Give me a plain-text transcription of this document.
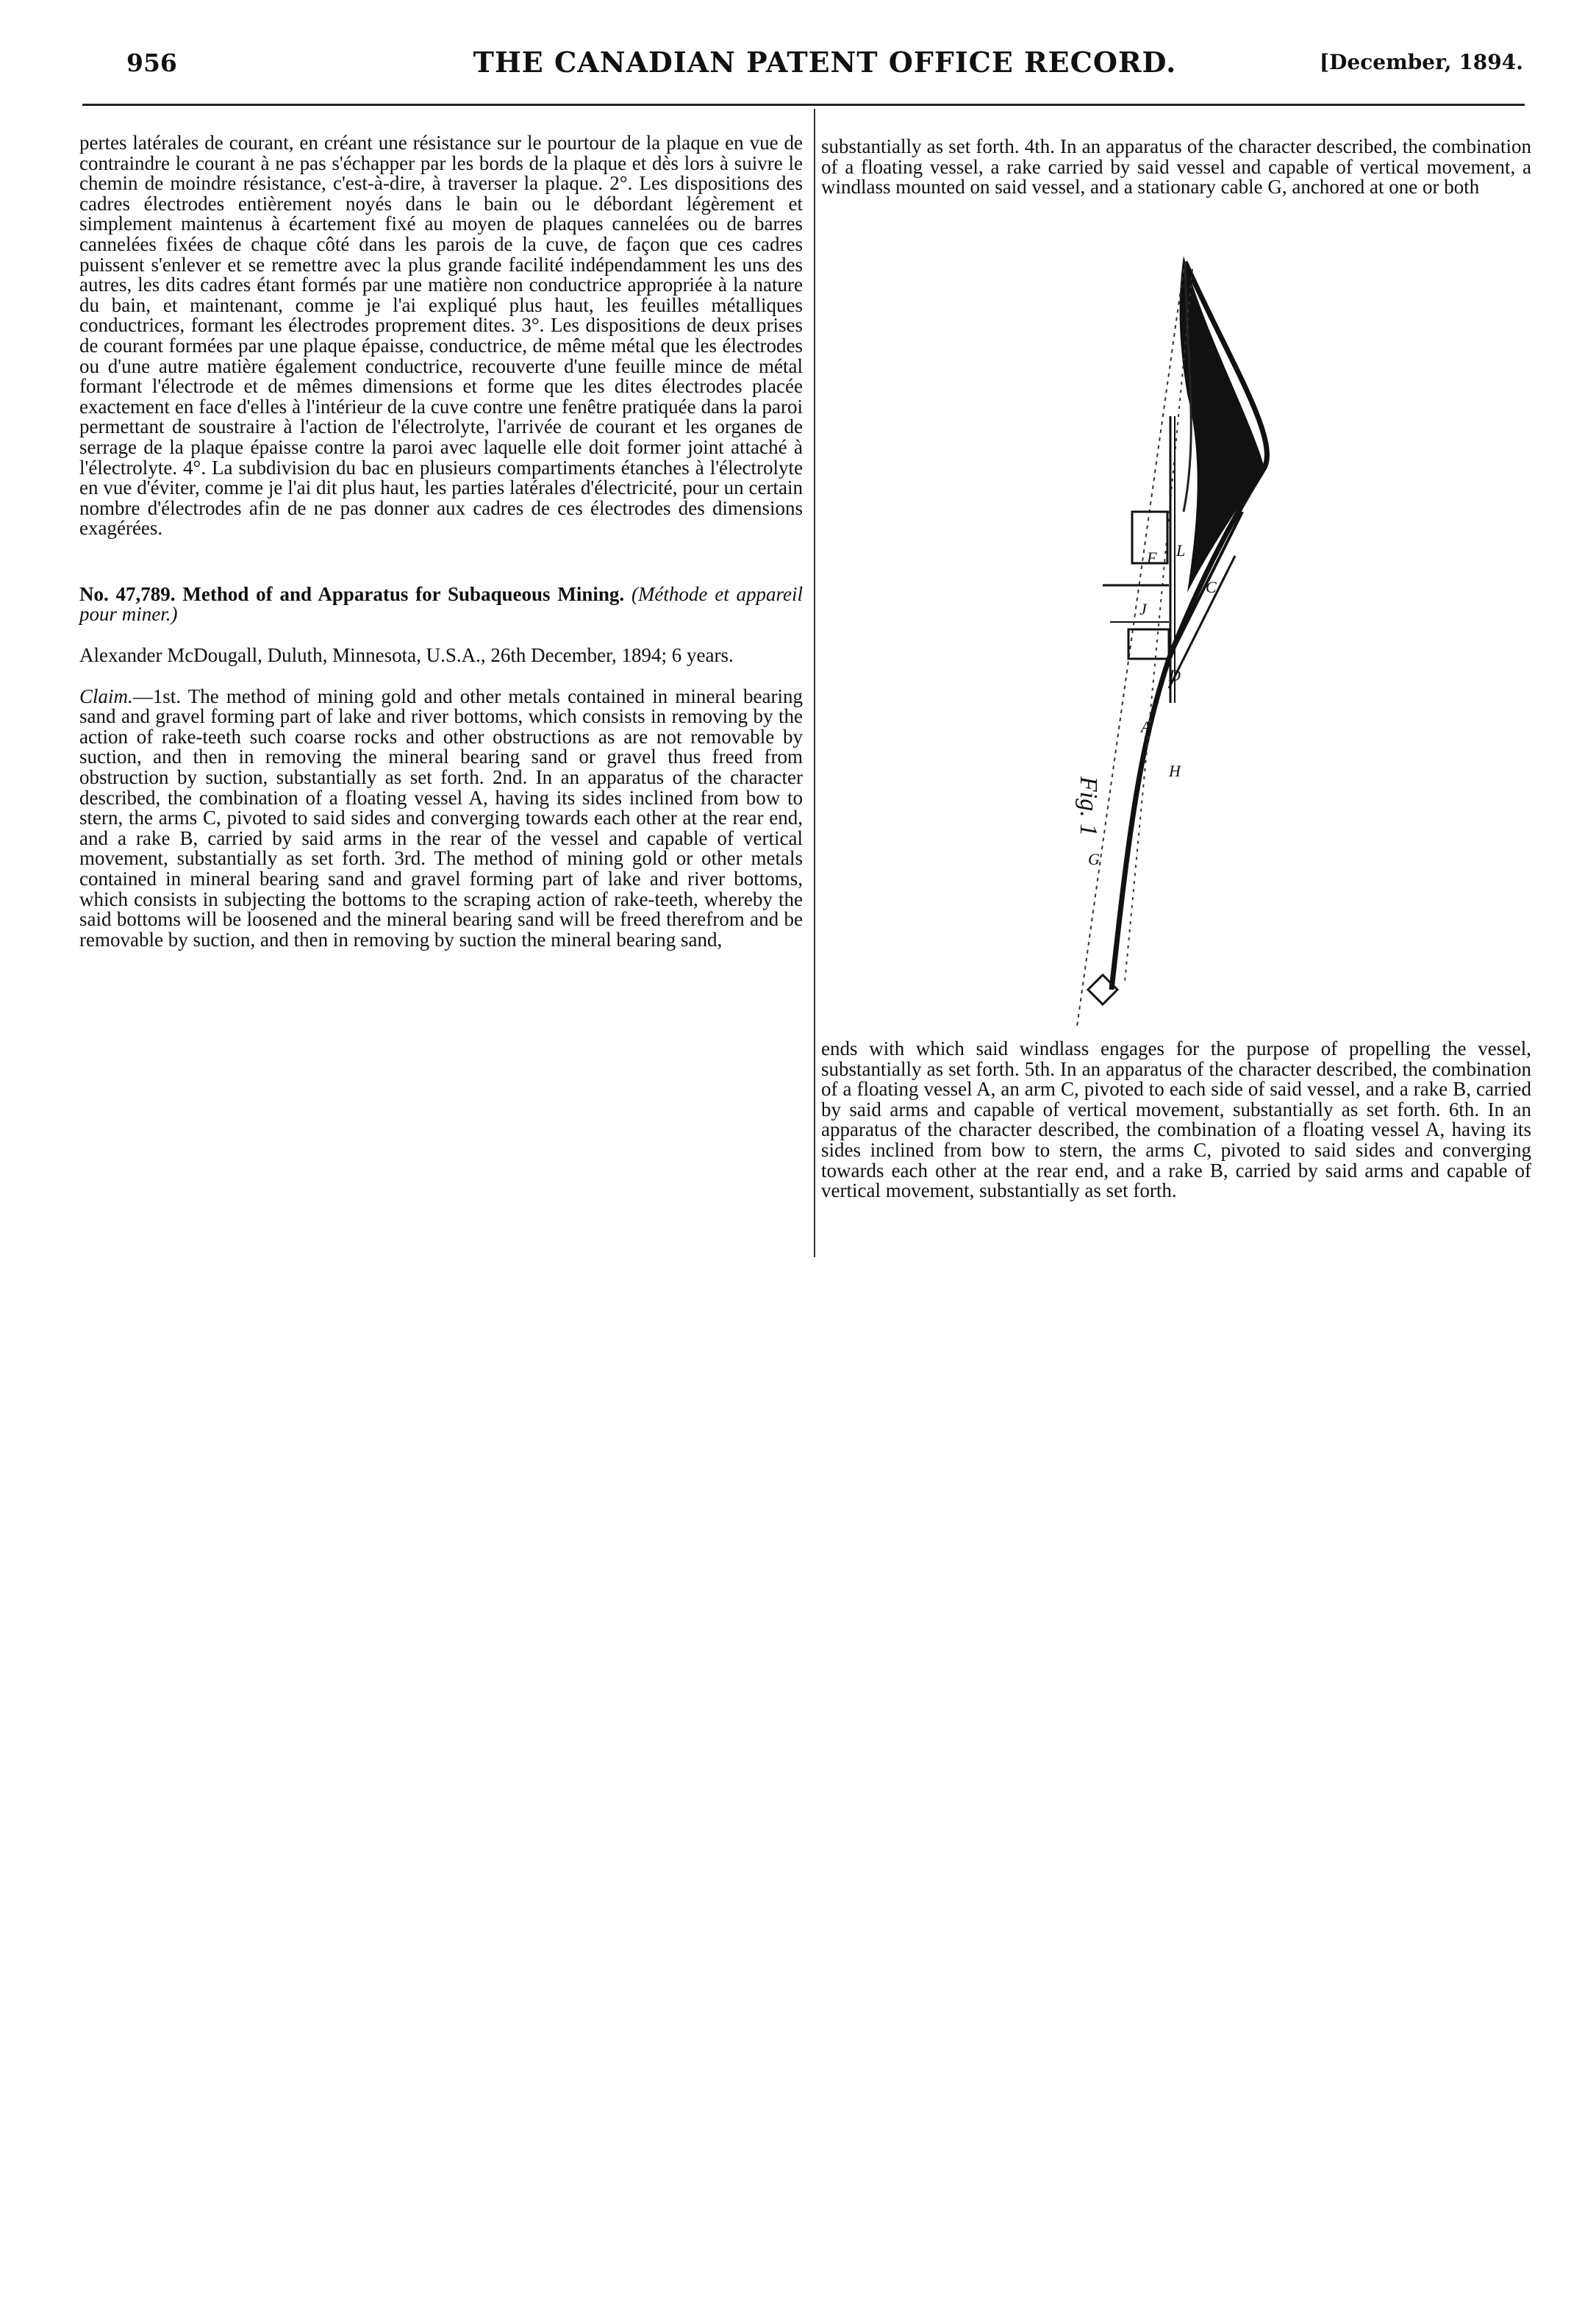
956	THE CANADIAN PATENT OFFICE RECORD.	[December, 1894.

pertes latérales de courant, en créant une résistance sur le pourtour de la plaque en vue de contraindre le courant à ne pas s'échapper par les bords de la plaque et dès lors à suivre le chemin de moindre résistance, c'est-à-dire, à traverser la plaque. 2°. Les dispositions des cadres électrodes entièrement noyés dans le bain ou le débordant légèrement et simplement maintenus à écartement fixé au moyen de plaques cannelées ou de barres cannelées fixées de chaque côté dans les parois de la cuve, de façon que ces cadres puissent s'enlever et se remettre avec la plus grande facilité indépendamment les uns des autres, les dits cadres étant formés par une matière non conductrice appropriée à la nature du bain, et maintenant, comme je l'ai expliqué plus haut, les feuilles métalliques conductrices, formant les électrodes proprement dites. 3°. Les dispositions de deux prises de courant formées par une plaque épaisse, conductrice, de même métal que les électrodes ou d'une autre matière également conductrice, recouverte d'une feuille mince de métal formant l'électrode et de mêmes dimensions et forme que les dites électrodes placée exactement en face d'elles à l'intérieur de la cuve contre une fenêtre pratiquée dans la paroi permettant de soustraire à l'action de l'électrolyte, l'arrivée de courant et les organes de serrage de la plaque épaisse contre la paroi avec laquelle elle doit former joint attaché à l'électrolyte. 4°. La subdivision du bac en plusieurs compartiments étanches à l'électrolyte en vue d'éviter, comme je l'ai dit plus haut, les parties latérales d'électricité, pour un certain nombre d'électrodes afin de ne pas donner aux cadres de ces électrodes des dimensions exagérées.

No. 47,789. Method of and Apparatus for Subaqueous Mining. (Méthode et appareil pour miner.)

Alexander McDougall, Duluth, Minnesota, U.S.A., 26th December, 1894; 6 years.

Claim.—1st. The method of mining gold and other metals contained in mineral bearing sand and gravel forming part of lake and river bottoms, which consists in removing by the action of rake-teeth such coarse rocks and other obstructions as are not removable by suction, and then in removing the mineral bearing sand or gravel thus freed from obstruction by suction, substantially as set forth. 2nd. In an apparatus of the character described, the combination of a floating vessel A, having its sides inclined from bow to stern, the arms C, pivoted to said sides and converging towards each other at the rear end, and a rake B, carried by said arms in the rear of the vessel and capable of vertical movement, substantially as set forth. 3rd. The method of mining gold or other metals contained in mineral bearing sand and gravel forming part of lake and river bottoms, which consists in subjecting the bottoms to the scraping action of rake-teeth, whereby the said bottoms will be loosened and the mineral bearing sand will be freed therefrom and be removable by suction, and then in removing by suction the mineral bearing sand,

substantially as set forth. 4th. In an apparatus of the character described, the combination of a floating vessel, a rake carried by said vessel and capable of vertical movement, a windlass mounted on said vessel, and a stationary cable G, anchored at one or both

47789
Fig. 1
B
C
D
A
H
G
J
F L

ends with which said windlass engages for the purpose of propelling the vessel, substantially as set forth. 5th. In an apparatus of the character described, the combination of a floating vessel A, an arm C, pivoted to each side of said vessel, and a rake B, carried by said arms and capable of vertical movement, substantially as set forth. 6th. In an apparatus of the character described, the combination of a floating vessel A, having its sides inclined from bow to stern, the arms C, pivoted to said sides and converging towards each other at the rear end, and a rake B, carried by said arms and capable of vertical movement, substantially as set forth.
